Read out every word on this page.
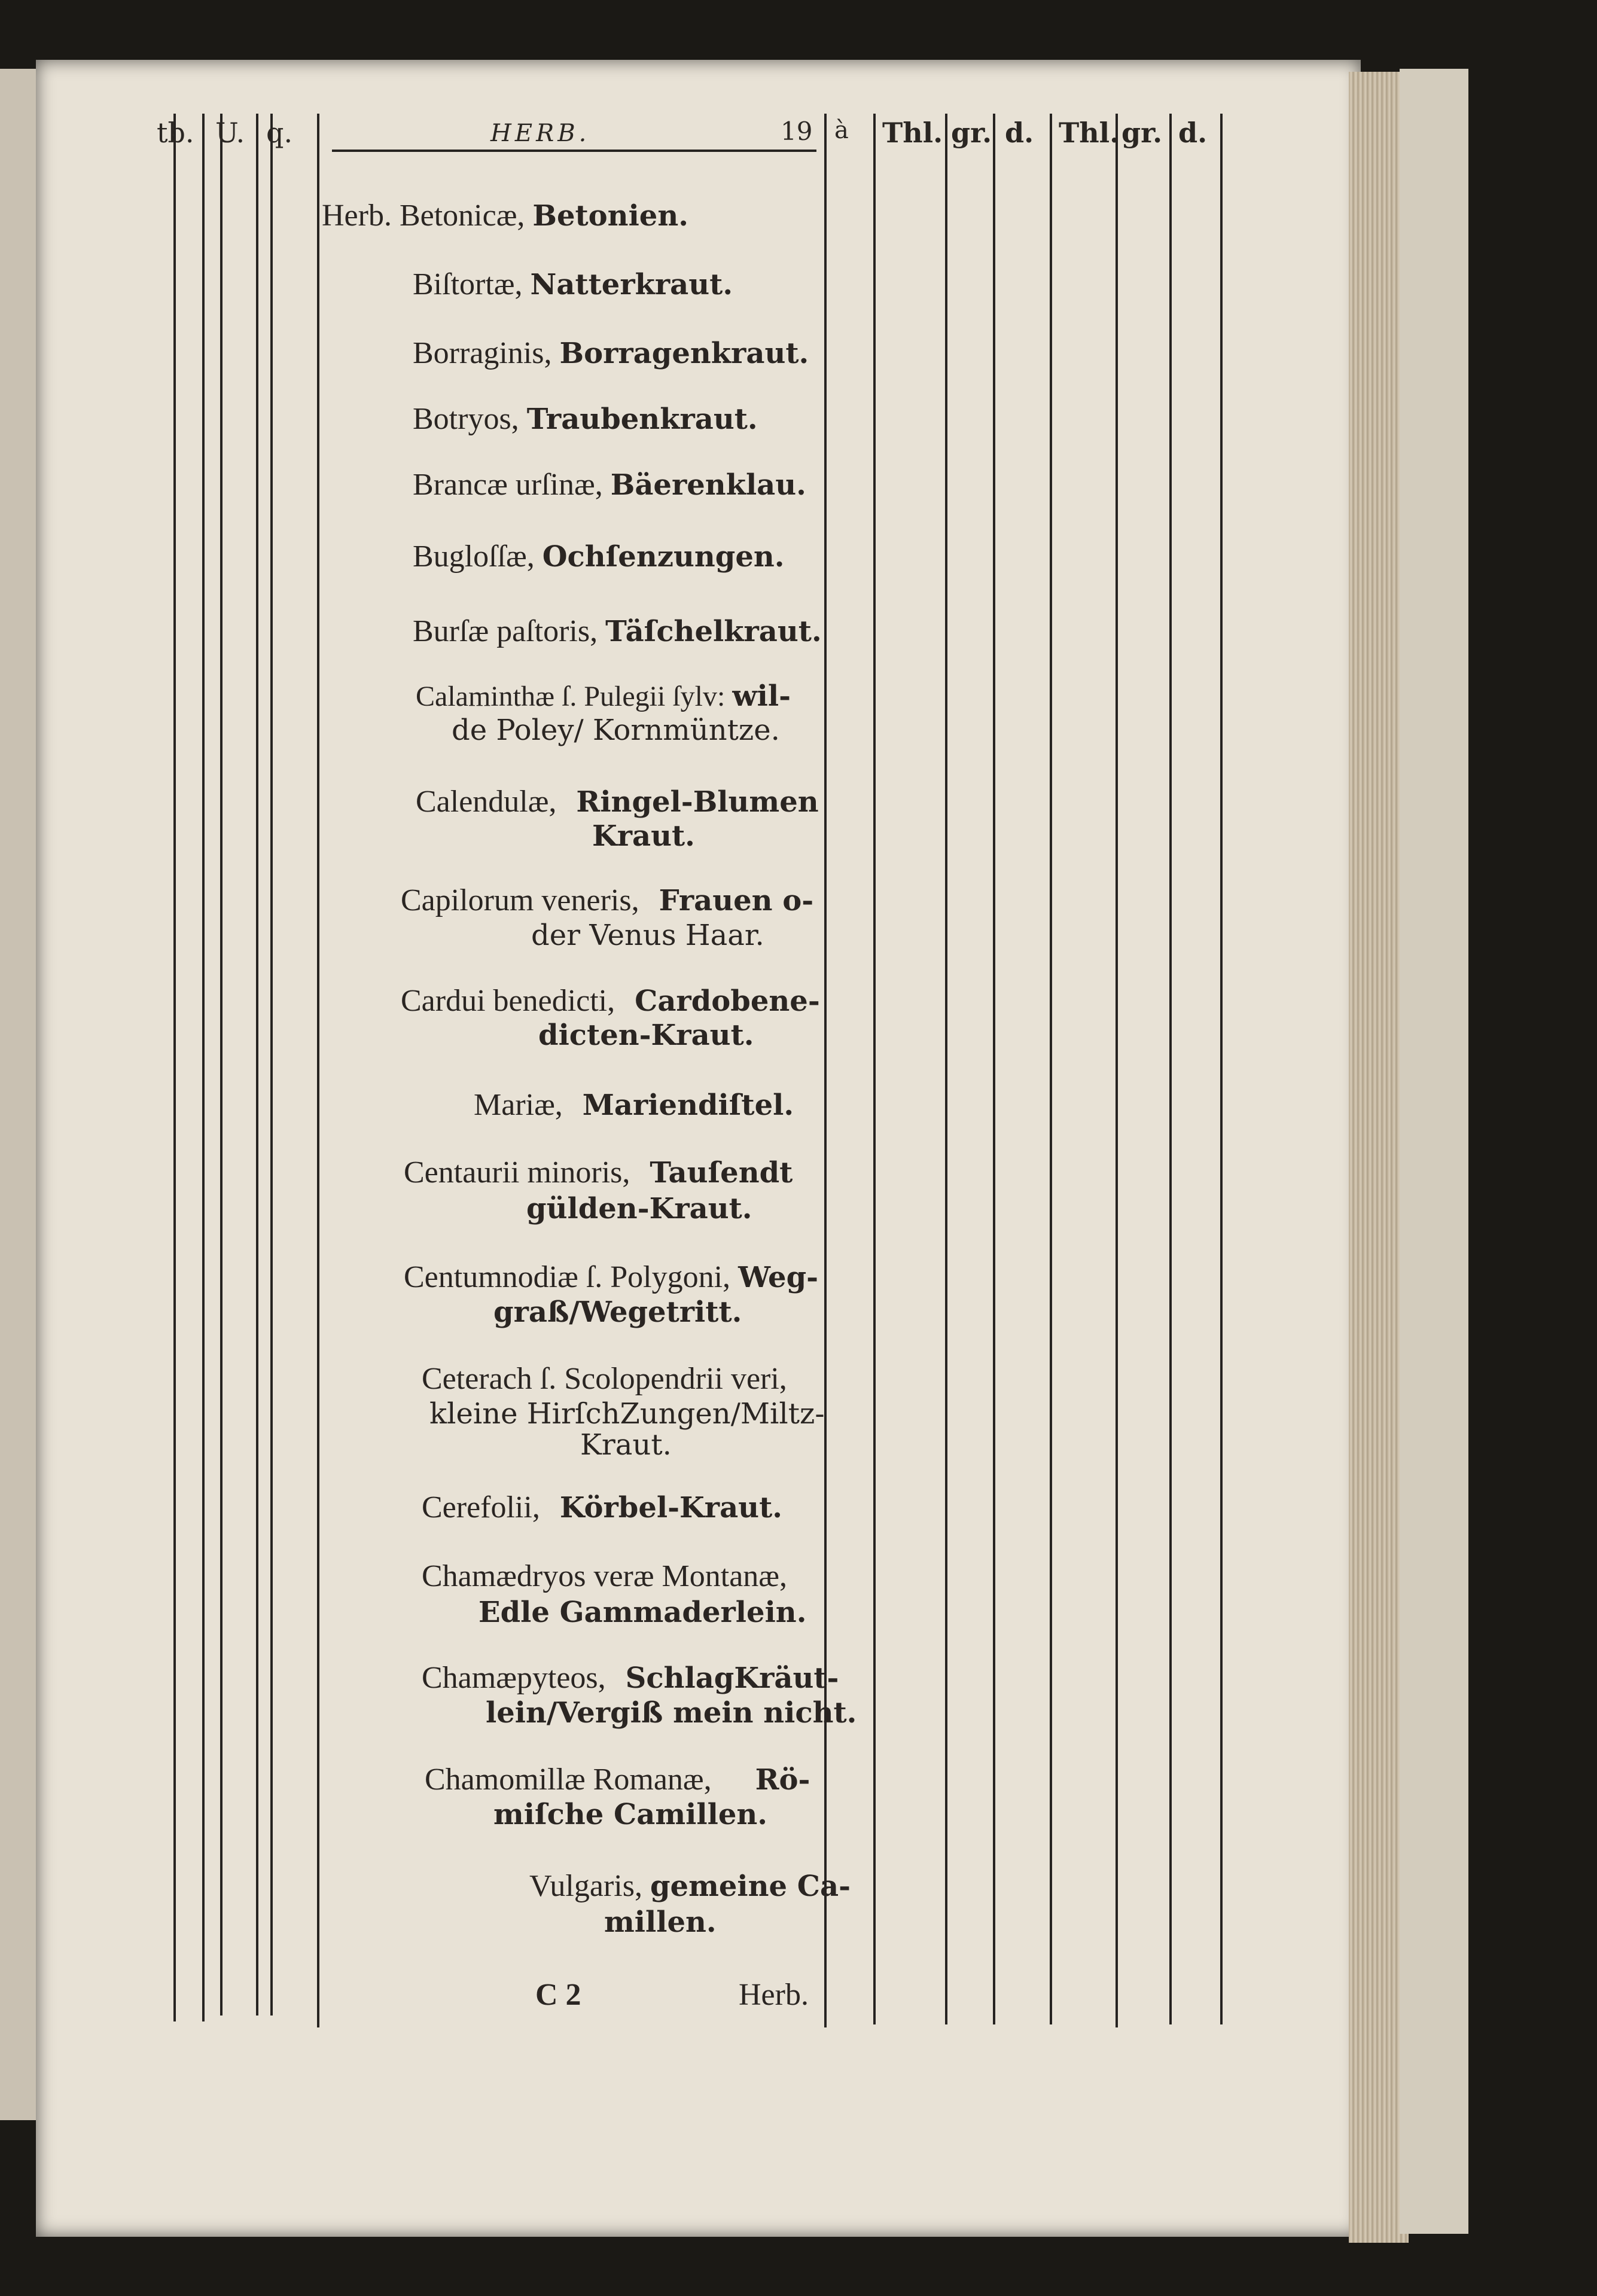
tb. U. q.	HERB.	19 à Thl. gr. d. Thl. gr. d.
Herb. Betonicæ, Betonien.
Biſtortæ, Natterkraut.
Borraginis, Borragenkraut.
Botryos, Traubenkraut.
Brancæ urſinæ, Bäerenklau.
Bugloſſæ, Ochſenzungen.
Burſæ paſtoris, Täſchelkraut.
Calaminthæ ſ. Pulegii ſylv: wil-
de Poley/ Kornmüntze.
Calendulæ, Ringel-Blumen
Kraut.
Capilorum veneris, Frauen o-
der Venus Haar.
Cardui benedicti, Cardobene-
dicten-Kraut.
Mariæ, Mariendiſtel.
Centaurii minoris, Tauſendt
gülden-Kraut.
Centumnodiæ ſ. Polygoni, Weg-
graß/Wegetritt.
Ceterach ſ. Scolopendrii veri,
kleine HirſchZungen/Miltz-
Kraut.
Cerefolii, Körbel-Kraut.
Chamædryos veræ Montanæ,
Edle Gammaderlein.
Chamæpyteos, SchlagKräut-
lein/Vergiß mein nicht.
Chamomillæ Romanæ, Rö-
miſche Camillen.
Vulgaris, gemeine Ca-
millen.
C 2	Herb.
